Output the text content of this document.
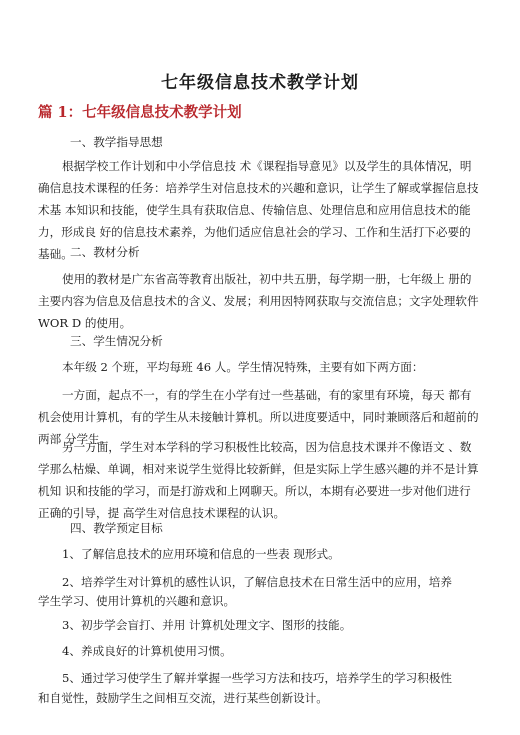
七年级信息技术教学计划
篇 1：七年级信息技术教学计划

一、教学指导思想

根据学校工作计划和中小学信息技 术《课程指导意见》以及学生的具体情况，明确信息技术课程的任务：培养学生对信息技术的兴趣和意识，让学生了解或掌握信息技术基 本知识和技能，使学生具有获取信息、传输信息、处理信息和应用信息技术的能力，形成良 好的信息技术素养，为他们适应信息社会的学习、工作和生活打下必要的基础。

二、教材分析

使用的教材是广东省高等教育出版社，初中共五册，每学期一册，七年级上 册的主要内容为信息及信息技术的含义、发展；利用因特网获取与交流信息；文字处理软件 WOR D 的使用。

三、学生情况分析

本年级 2 个班，平均每班 46 人。学生情况特殊，主要有如下两方面：

一方面，起点不一，有的学生在小学有过一些基础，有的家里有环境，每天 都有机会使用计算机，有的学生从未接触计算机。所以进度要适中，同时兼顾落后和超前的两部 分学生。

另一方面，学生对本学科的学习积极性比较高，因为信息技术课并不像语文 、数学那么枯燥、单调，相对来说学生觉得比较新鲜，但是实际上学生感兴趣的并不是计算机知 识和技能的学习，而是打游戏和上网聊天。所以，本期有必要进一步对他们进行正确的引导，提 高学生对信息技术课程的认识。

四、教学预定目标

1、了解信息技术的应用环境和信息的一些表 现形式。

2、培养学生对计算机的感性认识，了解信息技术在日常生活中的应用，培养

学生学习、使用计算机的兴趣和意识。

3、初步学会盲打、并用 计算机处理文字、图形的技能。

4、养成良好的计算机使用习惯。

5、通过学习使学生了解并掌握一些学习方法和技巧，培养学生的学习积极性

和自觉性，鼓励学生之间相互交流，进行某些创新设计。
